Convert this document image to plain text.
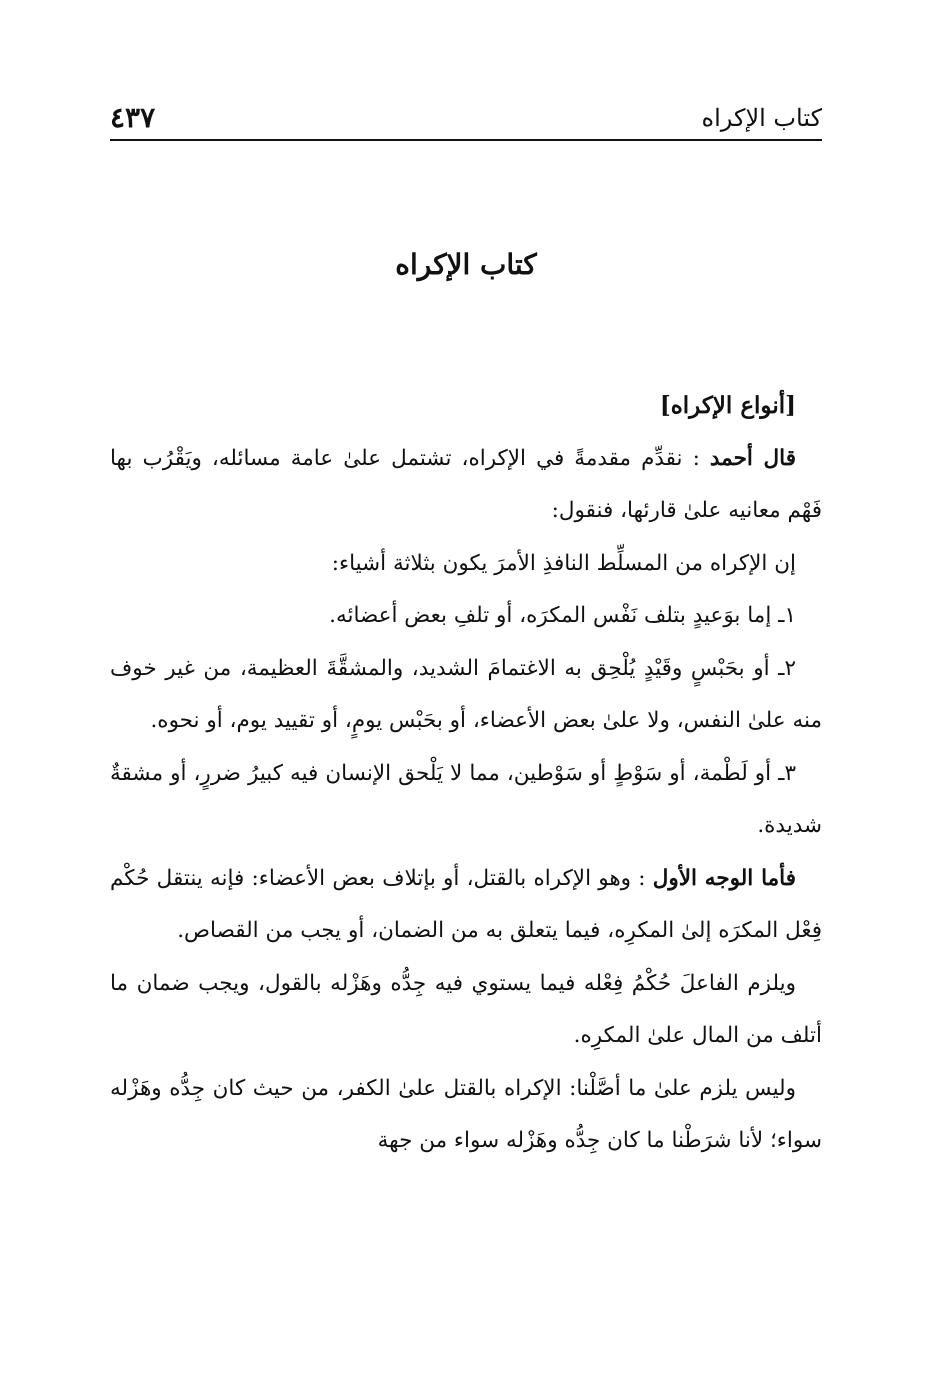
كتاب الإكراه
٤٣٧
كتاب الإكراه

[أنواع الإكراه]

قال أحمد : نقدِّم مقدمةً في الإكراه، تشتمل علىٰ عامة مسائله، ويَقْرُب بها فَهْم معانيه علىٰ قارئها، فنقول:

إن الإكراه من المسلِّط النافذِ الأمرَ يكون بثلاثة أشياء:

١ـ إما بوَعيدٍ بتلف نَفْس المكرَه، أو تلفِ بعض أعضائه.

٢ـ أو بحَبْسٍ وقَيْدٍ يُلْحِق به الاغتمامَ الشديد، والمشقَّةَ العظيمة، من غير خوف منه علىٰ النفس، ولا علىٰ بعض الأعضاء، أو بحَبْس يومٍ، أو تقييد يوم، أو نحوه.

٣ـ أو لَطْمة، أو سَوْطٍ أو سَوْطين، مما لا يَلْحق الإنسان فيه كبيرُ ضررٍ، أو مشقةٌ شديدة.

فأما الوجه الأول : وهو الإكراه بالقتل، أو بإتلاف بعض الأعضاء: فإنه ينتقل حُكْم فِعْل المكرَه إلىٰ المكرِه، فيما يتعلق به من الضمان، أو يجب من القصاص.

ويلزم الفاعلَ حُكْمُ فِعْله فيما يستوي فيه جِدُّه وهَزْله بالقول، ويجب ضمان ما أتلف من المال علىٰ المكرِه.

وليس يلزم علىٰ ما أصَّلْنا: الإكراه بالقتل علىٰ الكفر، من حيث كان جِدُّه وهَزْله سواء؛ لأنا شرَطْنا ما كان جِدُّه وهَزْله سواء من جهة
